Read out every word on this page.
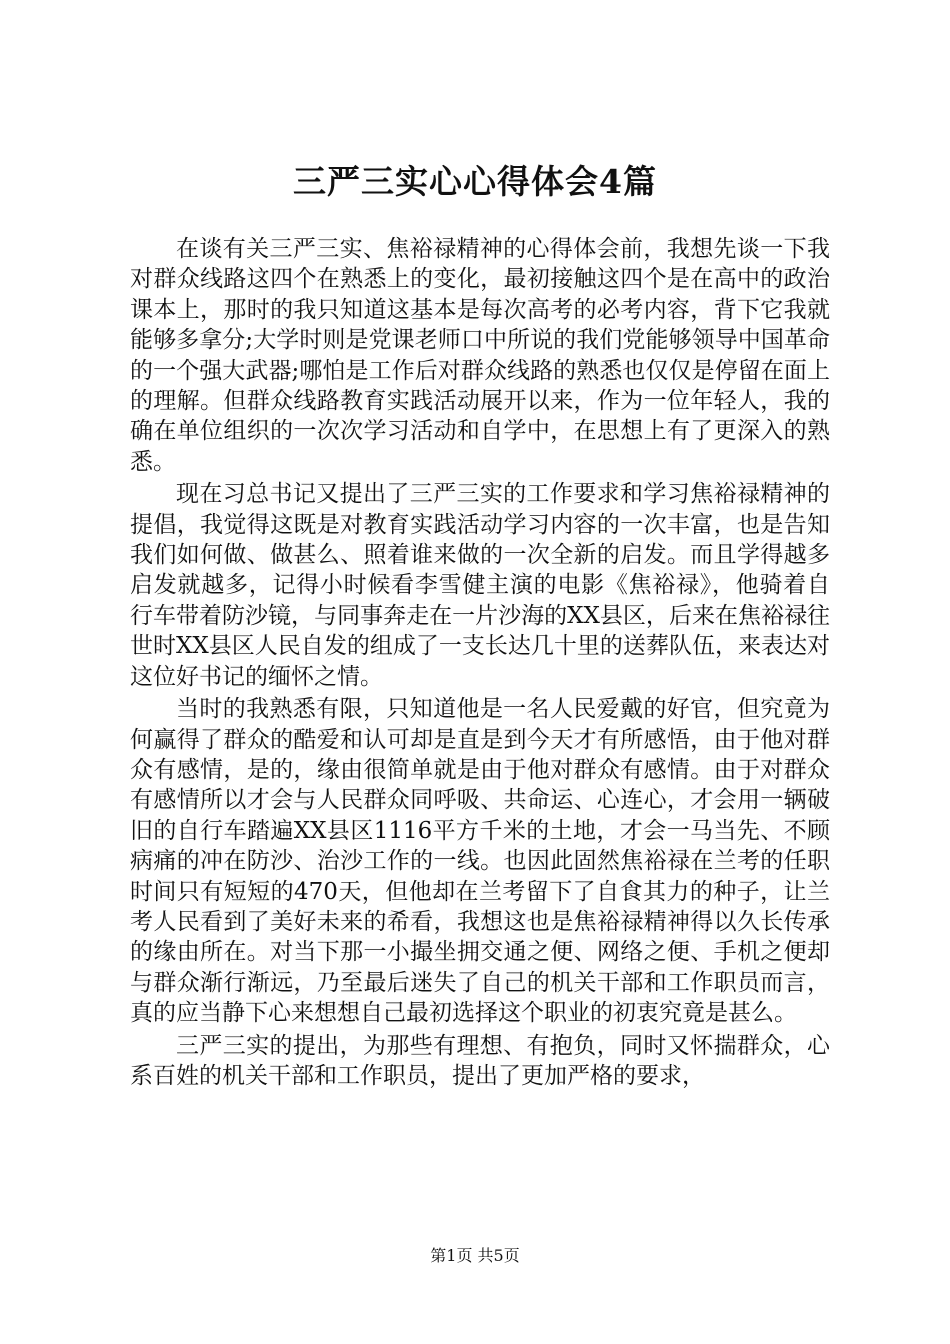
三严三实心心得体会4篇

在谈有关三严三实、焦裕禄精神的心得体会前，我想先谈一下我对群众线路这四个在熟悉上的变化，最初接触这四个是在高中的政治课本上，那时的我只知道这基本是每次高考的必考内容，背下它我就能够多拿分;大学时则是党课老师口中所说的我们党能够领导中国革命的一个强大武器;哪怕是工作后对群众线路的熟悉也仅仅是停留在面上的理解。但群众线路教育实践活动展开以来，作为一位年轻人，我的确在单位组织的一次次学习活动和自学中，在思想上有了更深入的熟悉。

现在习总书记又提出了三严三实的工作要求和学习焦裕禄精神的提倡，我觉得这既是对教育实践活动学习内容的一次丰富，也是告知我们如何做、做甚么、照着谁来做的一次全新的启发。而且学得越多启发就越多，记得小时候看李雪健主演的电影《焦裕禄》，他骑着自行车带着防沙镜，与同事奔走在一片沙海的XX县区，后来在焦裕禄往世时XX县区人民自发的组成了一支长达几十里的送葬队伍，来表达对这位好书记的缅怀之情。

当时的我熟悉有限，只知道他是一名人民爱戴的好官，但究竟为何赢得了群众的酷爱和认可却是直是到今天才有所感悟，由于他对群众有感情，是的，缘由很简单就是由于他对群众有感情。由于对群众有感情所以才会与人民群众同呼吸、共命运、心连心，才会用一辆破旧的自行车踏遍XX县区1116平方千米的土地，才会一马当先、不顾病痛的冲在防沙、治沙工作的一线。也因此固然焦裕禄在兰考的任职时间只有短短的470天，但他却在兰考留下了自食其力的种子，让兰考人民看到了美好未来的希看，我想这也是焦裕禄精神得以久长传承的缘由所在。对当下那一小撮坐拥交通之便、网络之便、手机之便却与群众渐行渐远，乃至最后迷失了自己的机关干部和工作职员而言，真的应当静下心来想想自己最初选择这个职业的初衷究竟是甚么。

三严三实的提出，为那些有理想、有抱负，同时又怀揣群众，心系百姓的机关干部和工作职员，提出了更加严格的要求，

第1页 共5页
